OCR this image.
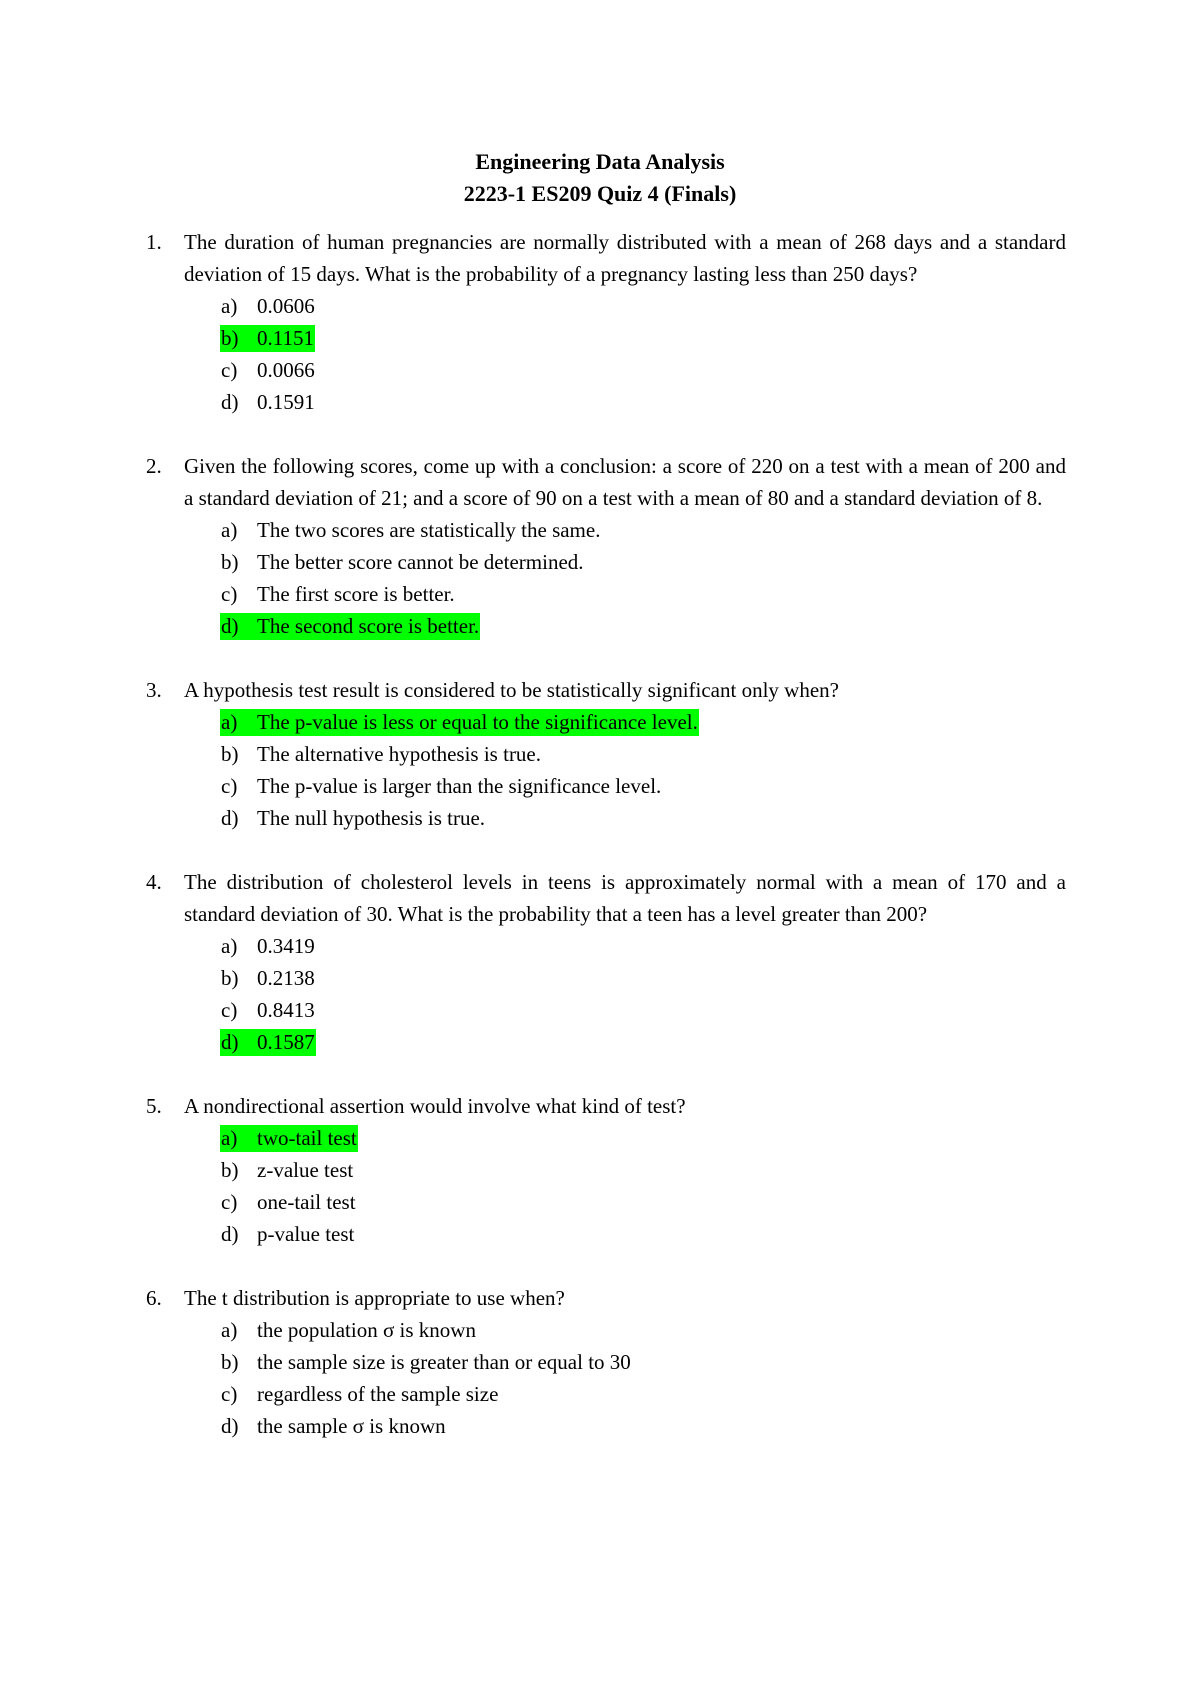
Engineering Data Analysis
2223-1 ES209 Quiz 4 (Finals)
1.	The duration of human pregnancies are normally distributed with a mean of 268 days and a standard deviation of 15 days. What is the probability of a pregnancy lasting less than 250 days?
a) 0.0606
b) 0.1151
c) 0.0066
d) 0.1591
2.	Given the following scores, come up with a conclusion: a score of 220 on a test with a mean of 200 and a standard deviation of 21; and a score of 90 on a test with a mean of 80 and a standard deviation of 8.
a) The two scores are statistically the same.
b) The better score cannot be determined.
c) The first score is better.
d) The second score is better.
3.	A hypothesis test result is considered to be statistically significant only when?
a) The p-value is less or equal to the significance level.
b) The alternative hypothesis is true.
c) The p-value is larger than the significance level.
d) The null hypothesis is true.
4.	The distribution of cholesterol levels in teens is approximately normal with a mean of 170 and a standard deviation of 30. What is the probability that a teen has a level greater than 200?
a) 0.3419
b) 0.2138
c) 0.8413
d) 0.1587
5.	A nondirectional assertion would involve what kind of test?
a) two-tail test
b) z-value test
c) one-tail test
d) p-value test
6.	The t distribution is appropriate to use when?
a) the population σ is known
b) the sample size is greater than or equal to 30
c) regardless of the sample size
d) the sample σ is known
